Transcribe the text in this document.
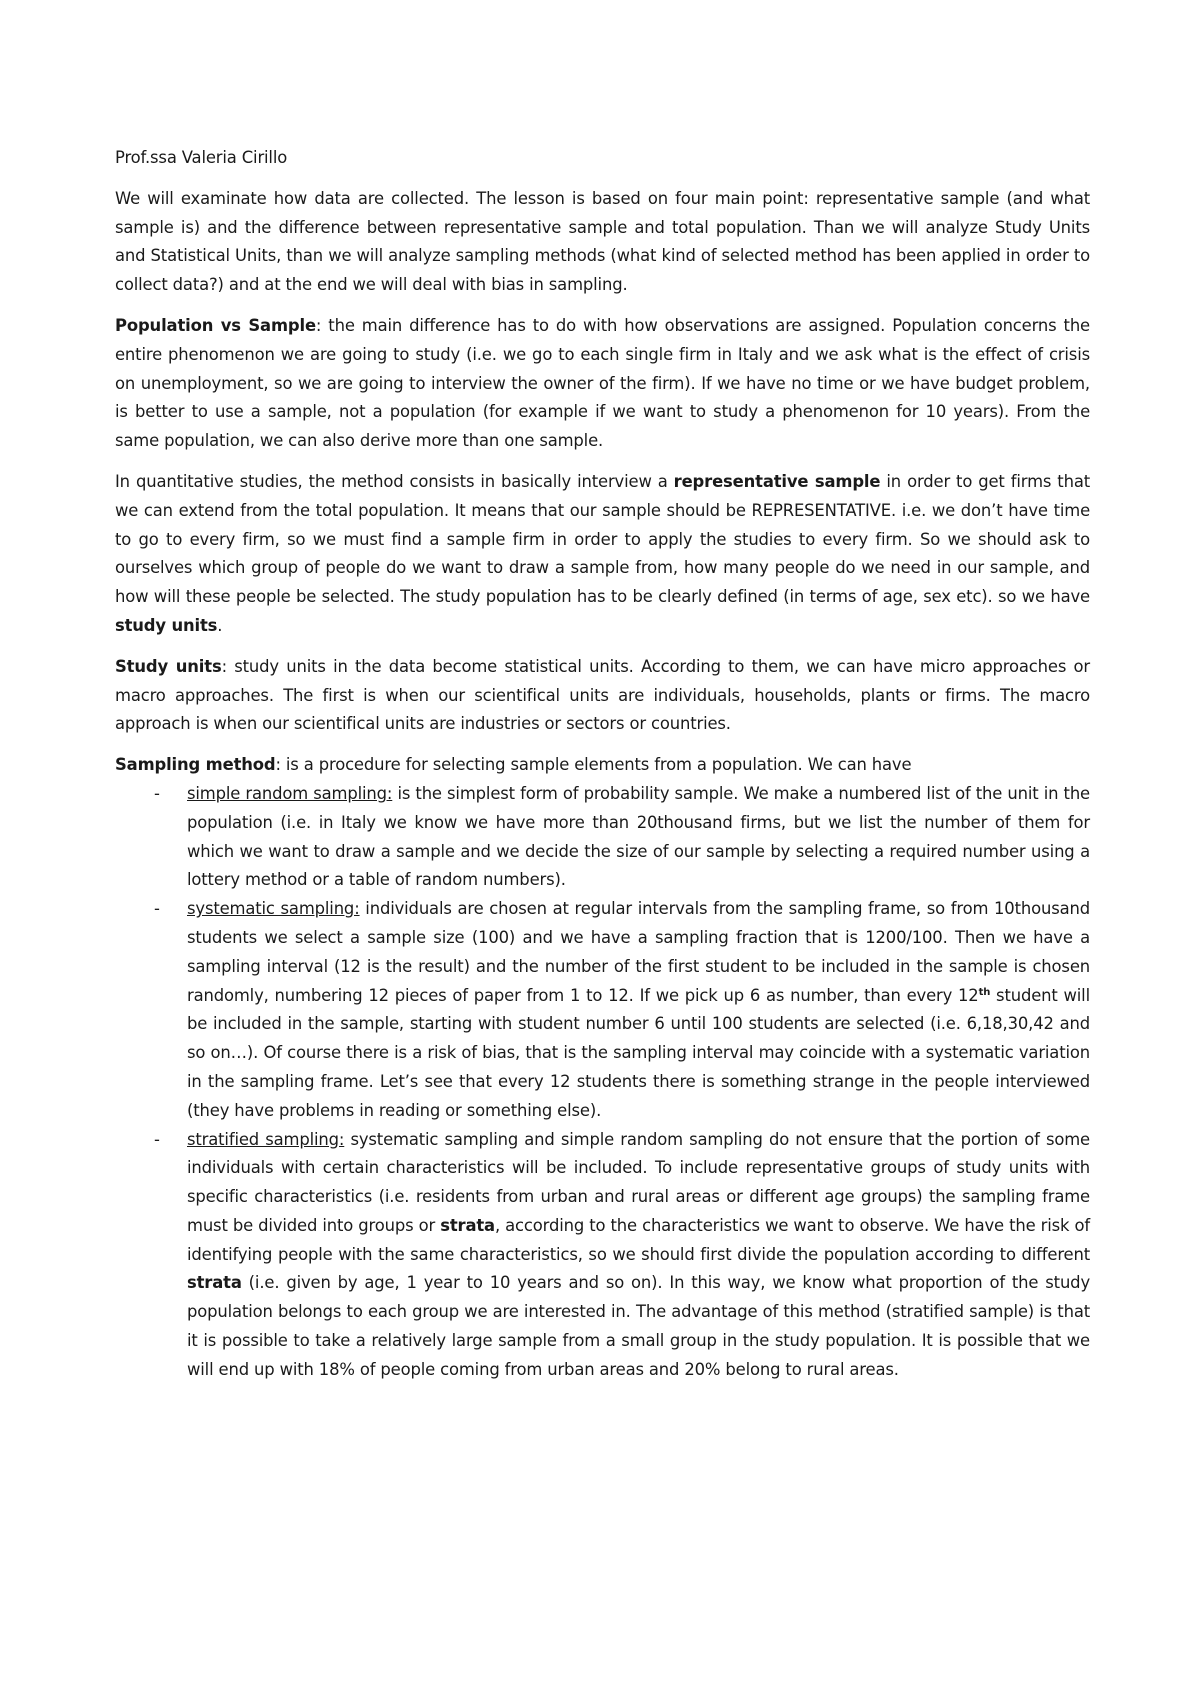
Prof.ssa Valeria Cirillo

We will examinate how data are collected. The lesson is based on four main point: representative sample (and what sample is) and the difference between representative sample and total population. Than we will analyze Study Units and Statistical Units, than we will analyze sampling methods (what kind of selected method has been applied in order to collect data?) and at the end we will deal with bias in sampling.

Population vs Sample: the main difference has to do with how observations are assigned. Population concerns the entire phenomenon we are going to study (i.e. we go to each single firm in Italy and we ask what is the effect of crisis on unemployment, so we are going to interview the owner of the firm). If we have no time or we have budget problem, is better to use a sample, not a population (for example if we want to study a phenomenon for 10 years). From the same population, we can also derive more than one sample.

In quantitative studies, the method consists in basically interview a representative sample in order to get firms that we can extend from the total population. It means that our sample should be REPRESENTATIVE. i.e. we don’t have time to go to every firm, so we must find a sample firm in order to apply the studies to every firm. So we should ask to ourselves which group of people do we want to draw a sample from, how many people do we need in our sample, and how will these people be selected. The study population has to be clearly defined (in terms of age, sex etc). so we have study units.

Study units: study units in the data become statistical units. According to them, we can have micro approaches or macro approaches. The first is when our scientifical units are individuals, households, plants or firms. The macro approach is when our scientifical units are industries or sectors or countries.

Sampling method: is a procedure for selecting sample elements from a population. We can have

- simple random sampling: is the simplest form of probability sample. We make a numbered list of the unit in the population (i.e. in Italy we know we have more than 20thousand firms, but we list the number of them for which we want to draw a sample and we decide the size of our sample by selecting a required number using a lottery method or a table of random numbers).
- systematic sampling: individuals are chosen at regular intervals from the sampling frame, so from 10thousand students we select a sample size (100) and we have a sampling fraction that is 1200/100. Then we have a sampling interval (12 is the result) and the number of the first student to be included in the sample is chosen randomly, numbering 12 pieces of paper from 1 to 12. If we pick up 6 as number, than every 12th student will be included in the sample, starting with student number 6 until 100 students are selected (i.e. 6,18,30,42 and so on…). Of course there is a risk of bias, that is the sampling interval may coincide with a systematic variation in the sampling frame. Let’s see that every 12 students there is something strange in the people interviewed (they have problems in reading or something else).
- stratified sampling: systematic sampling and simple random sampling do not ensure that the portion of some individuals with certain characteristics will be included. To include representative groups of study units with specific characteristics (i.e. residents from urban and rural areas or different age groups) the sampling frame must be divided into groups or strata, according to the characteristics we want to observe. We have the risk of identifying people with the same characteristics, so we should first divide the population according to different strata (i.e. given by age, 1 year to 10 years and so on). In this way, we know what proportion of the study population belongs to each group we are interested in. The advantage of this method (stratified sample) is that it is possible to take a relatively large sample from a small group in the study population. It is possible that we will end up with 18% of people coming from urban areas and 20% belong to rural areas.
